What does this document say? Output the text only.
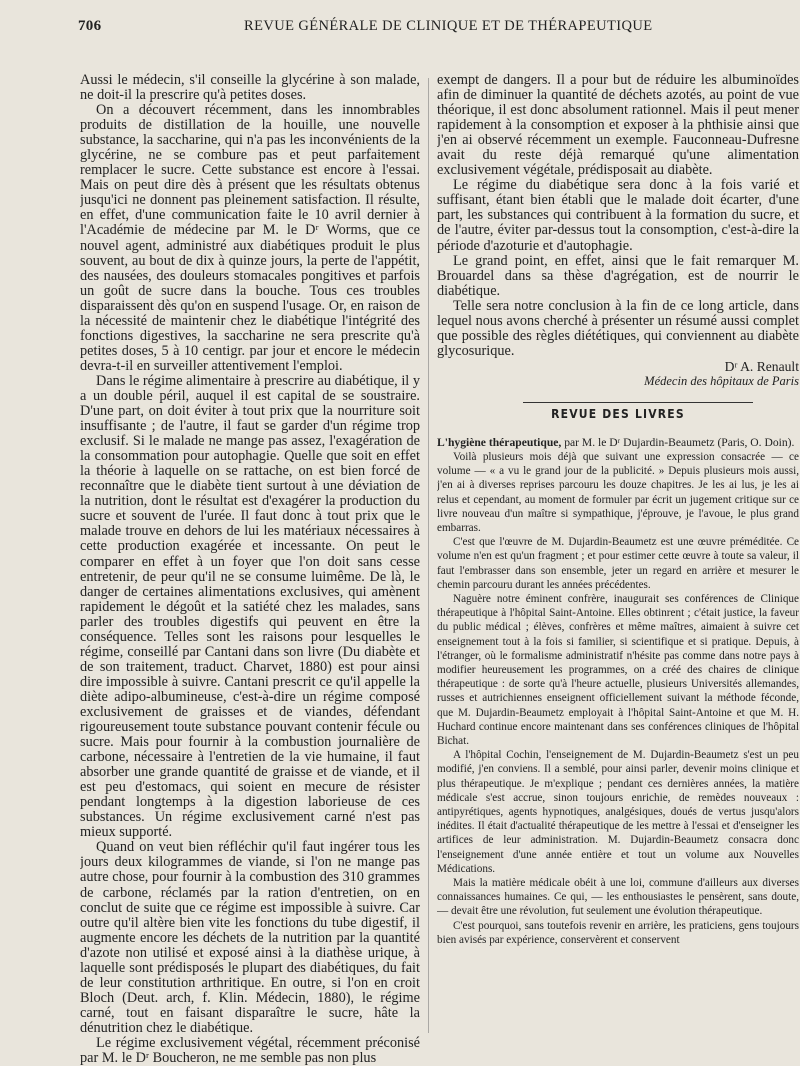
706	REVUE GÉNÉRALE DE CLINIQUE ET DE THÉRAPEUTIQUE

Aussi le médecin, s'il conseille la glycérine à son malade, ne doit-il la prescrire qu'à petites doses.

On a découvert récemment, dans les innombrables produits de distillation de la houille, une nouvelle substance, la saccharine, qui n'a pas les inconvénients de la glycérine, ne se combure pas et peut parfaitement remplacer le sucre. Cette substance est encore à l'essai. Mais on peut dire dès à présent que les résultats obtenus jusqu'ici ne donnent pas pleinement satisfaction. Il résulte, en effet, d'une communication faite le 10 avril dernier à l'Académie de médecine par M. le Dʳ Worms, que ce nouvel agent, administré aux diabétiques produit le plus souvent, au bout de dix à quinze jours, la perte de l'appétit, des nausées, des douleurs stomacales pongitives et parfois un goût de sucre dans la bouche. Tous ces troubles disparaissent dès qu'on en suspend l'usage. Or, en raison de la nécessité de maintenir chez le diabétique l'intégrité des fonctions digestives, la saccharine ne sera prescrite qu'à petites doses, 5 à 10 centigr. par jour et encore le médecin devra-t-il en surveiller attentivement l'emploi.

Dans le régime alimentaire à prescrire au diabétique, il y a un double péril, auquel il est capital de se soustraire. D'une part, on doit éviter à tout prix que la nourriture soit insuffisante ; de l'autre, il faut se garder d'un régime trop exclusif. Si le malade ne mange pas assez, l'exagération de la consommation pour autophagie. Quelle que soit en effet la théorie à laquelle on se rattache, on est bien forcé de reconnaître que le diabète tient surtout à une déviation de la nutrition, dont le résultat est d'exagérer la production du sucre et souvent de l'urée. Il faut donc à tout prix que le malade trouve en dehors de lui les matériaux nécessaires à cette production exagérée et incessante. On peut le comparer en effet à un foyer que l'on doit sans cesse entretenir, de peur qu'il ne se consume luimême. De là, le danger de certaines alimentations exclusives, qui amènent rapidement le dégoût et la satiété chez les malades, sans parler des troubles digestifs qui peuvent en être la conséquence. Telles sont les raisons pour lesquelles le régime, conseillé par Cantani dans son livre (Du diabète et de son traitement, traduct. Charvet, 1880) est pour ainsi dire impossible à suivre. Cantani prescrit ce qu'il appelle la diète adipo-albumineuse, c'est-à-dire un régime composé exclusivement de graisses et de viandes, défendant rigoureusement toute substance pouvant contenir fécule ou sucre. Mais pour fournir à la combustion journalière de carbone, nécessaire à l'entretien de la vie humaine, il faut absorber une grande quantité de graisse et de viande, et il est peu d'estomacs, qui soient en mecure de résister pendant longtemps à la digestion laborieuse de ces substances. Un régime exclusivement carné n'est pas mieux supporté.

Quand on veut bien réfléchir qu'il faut ingérer tous les jours deux kilogrammes de viande, si l'on ne mange pas autre chose, pour fournir à la combustion des 310 grammes de carbone, réclamés par la ration d'entretien, on en conclut de suite que ce régime est impossible à suivre. Car outre qu'il altère bien vite les fonctions du tube digestif, il augmente encore les déchets de la nutrition par la quantité d'azote non utilisé et exposé ainsi à la diathèse urique, à laquelle sont prédisposés le plupart des diabétiques, du fait de leur constitution arthritique. En outre, si l'on en croit Bloch (Deut. arch, f. Klin. Médecin, 1880), le régime carné, tout en faisant disparaître le sucre, hâte la dénutrition chez le diabétique.

Le régime exclusivement végétal, récemment préconisé par M. le Dʳ Boucheron, ne me semble pas non plus

exempt de dangers. Il a pour but de réduire les albuminoïdes afin de diminuer la quantité de déchets azotés, au point de vue théorique, il est donc absolument rationnel. Mais il peut mener rapidement à la consomption et exposer à la phthisie ainsi que j'en ai observé récemment un exemple. Fauconneau-Dufresne avait du reste déjà remarqué qu'une alimentation exclusivement végétale, prédisposait au diabète.

Le régime du diabétique sera donc à la fois varié et suffisant, étant bien établi que le malade doit écarter, d'une part, les substances qui contribuent à la formation du sucre, et de l'autre, éviter par-dessus tout la consomption, c'est-à-dire la période d'azoturie et d'autophagie.

Le grand point, en effet, ainsi que le fait remarquer M. Brouardel dans sa thèse d'agrégation, est de nourrir le diabétique.

Telle sera notre conclusion à la fin de ce long article, dans lequel nous avons cherché à présenter un résumé aussi complet que possible des règles diététiques, qui conviennent au diabète glycosurique.

Dʳ A. Renault

Médecin des hôpitaux de Paris

REVUE DES LIVRES

L'hygiène thérapeutique, par M. le Dʳ Dujardin-Beaumetz (Paris, O. Doin).

Voilà plusieurs mois déjà que suivant une expression consacrée — ce volume — « a vu le grand jour de la publicité. » Depuis plusieurs mois aussi, j'en ai à diverses reprises parcouru les douze chapitres. Je les ai lus, je les ai relus et cependant, au moment de formuler par écrit un jugement critique sur ce livre nouveau d'un maître si sympathique, j'éprouve, je l'avoue, le plus grand embarras.

C'est que l'œuvre de M. Dujardin-Beaumetz est une œuvre préméditée. Ce volume n'en est qu'un fragment ; et pour estimer cette œuvre à toute sa valeur, il faut l'embrasser dans son ensemble, jeter un regard en arrière et mesurer le chemin parcouru durant les années précédentes.

Naguère notre éminent confrère, inaugurait ses conférences de Clinique thérapeutique à l'hôpital Saint-Antoine. Elles obtinrent ; c'était justice, la faveur du public médical ; élèves, confrères et même maîtres, aimaient à suivre cet enseignement tout à la fois si familier, si scientifique et si pratique. Depuis, à l'étranger, où le formalisme administratif n'hésite pas comme dans notre pays à modifier heureusement les programmes, on a créé des chaires de clinique thérapeutique : de sorte qu'à l'heure actuelle, plusieurs Universités allemandes, russes et autrichiennes enseignent officiellement suivant la méthode féconde, que M. Dujardin-Beaumetz employait à l'hôpital Saint-Antoine et que M. H. Huchard continue encore maintenant dans ses conférences cliniques de l'hôpital Bichat.

A l'hôpital Cochin, l'enseignement de M. Dujardin-Beaumetz s'est un peu modifié, j'en conviens. Il a semblé, pour ainsi parler, devenir moins clinique et plus thérapeutique. Je m'explique ; pendant ces dernières années, la matière médicale s'est accrue, sinon toujours enrichie, de remèdes nouveaux : antipyrétiques, agents hypnotiques, analgésiques, doués de vertus jusqu'alors inédites. Il était d'actualité thérapeutique de les mettre à l'essai et d'enseigner les artifices de leur administration. M. Dujardin-Beaumetz consacra donc l'enseignement d'une année entière et tout un volume aux Nouvelles Médications.

Mais la matière médicale obéit à une loi, commune d'ailleurs aux diverses connaissances humaines. Ce qui, — les enthousiastes le pensèrent, sans doute, — devait être une révolution, fut seulement une évolution thérapeutique.

C'est pourquoi, sans toutefois revenir en arrière, les praticiens, gens toujours bien avisés par expérience, conservèrent et conservent
